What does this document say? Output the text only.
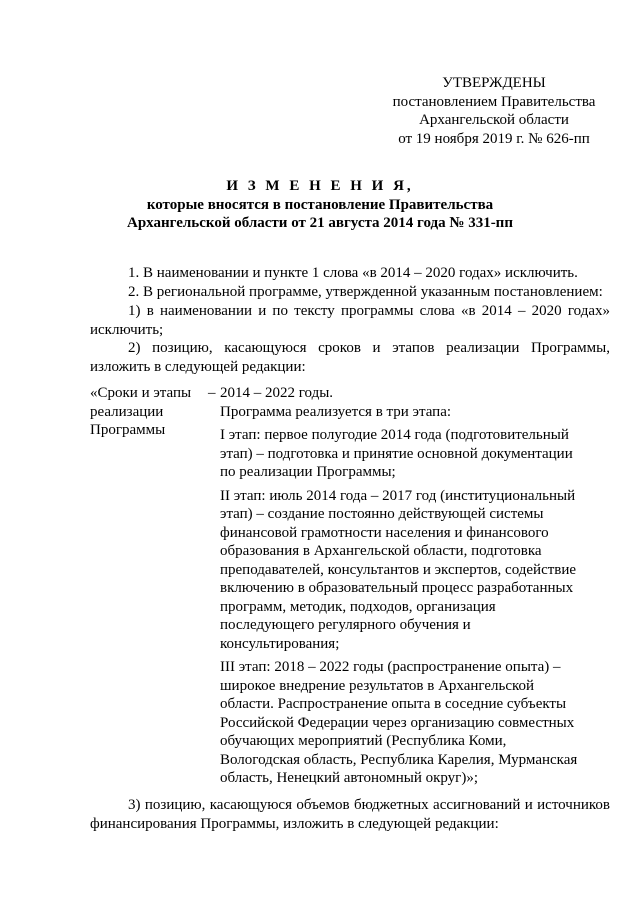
УТВЕРЖДЕНЫ
постановлением Правительства
Архангельской области
от 19 ноября 2019 г. № 626-пп
И З М Е Н Е Н И Я,
которые вносятся в постановление Правительства
Архангельской области от 21 августа 2014 года № 331-пп
1. В наименовании и пункте 1 слова «в 2014 – 2020 годах» исключить.
2. В региональной программе, утвержденной указанным постановлением:
1) в наименовании и по тексту программы слова «в 2014 – 2020 годах» исключить;
2) позицию, касающуюся сроков и этапов реализации Программы, изложить в следующей редакции:
«Сроки и этапы реализации Программы
– 2014 – 2022 годы.

Программа реализуется в три этапа:

I этап: первое полугодие 2014 года (подготовительный этап) – подготовка и принятие основной документации по реализации Программы;

II этап: июль 2014 года – 2017 год (институциональный этап) – создание постоянно действующей системы финансовой грамотности населения и финансового образования в Архангельской области, подготовка преподавателей, консультантов и экспертов, содействие включению в образовательный процесс разработанных программ, методик, подходов, организация последующего регулярного обучения и консультирования;

III этап: 2018 – 2022 годы (распространение опыта) – широкое внедрение результатов в Архангельской области. Распространение опыта в соседние субъекты Российской Федерации через организацию совместных обучающих мероприятий (Республика Коми, Вологодская область, Республика Карелия, Мурманская область, Ненецкий автономный округ)»;

3) позицию, касающуюся объемов бюджетных ассигнований и источников финансирования Программы, изложить в следующей редакции:
